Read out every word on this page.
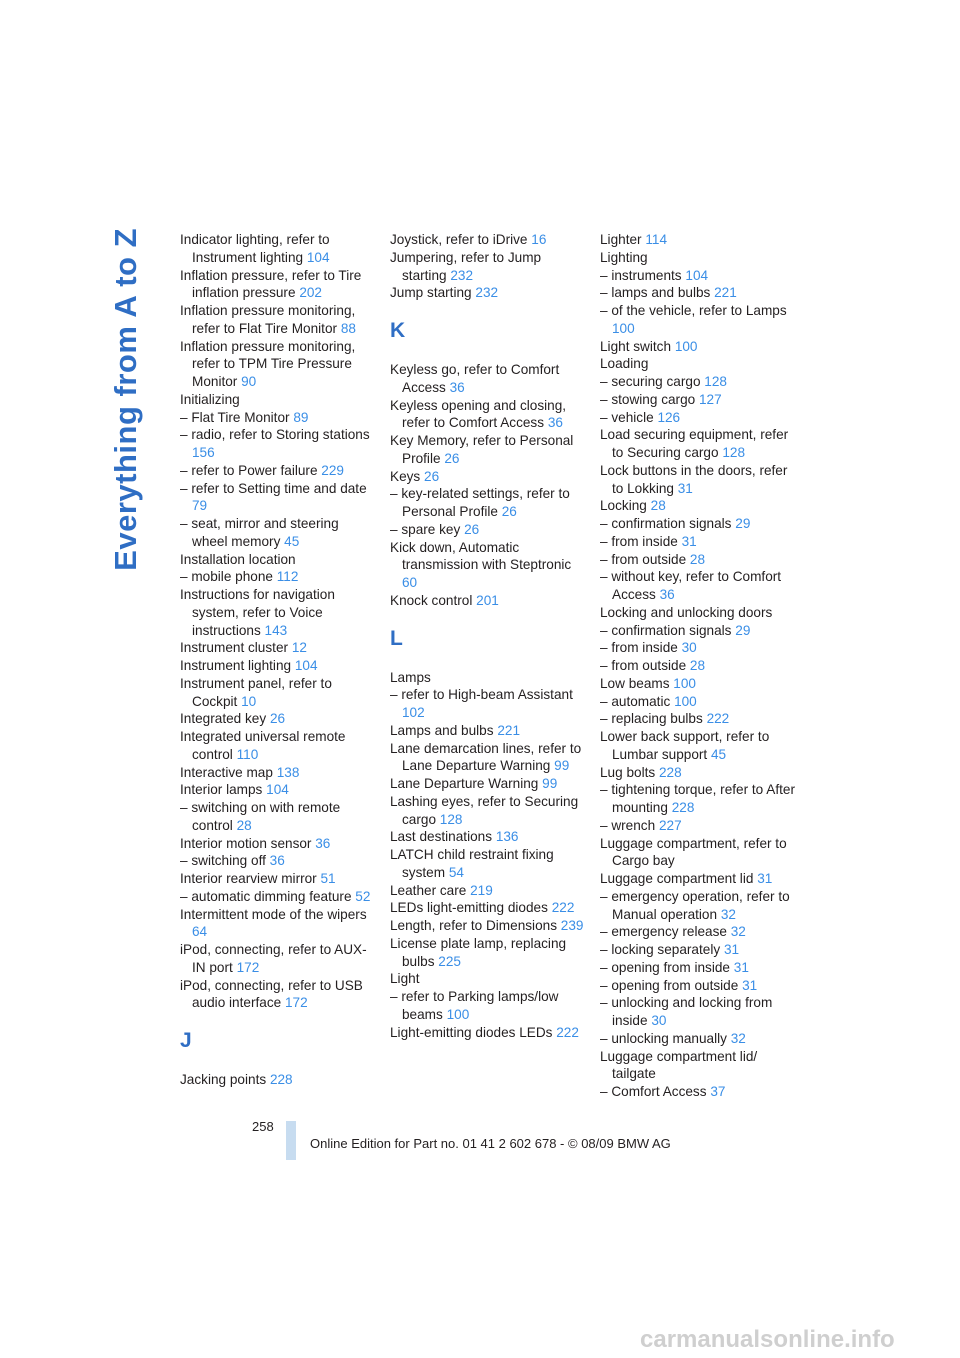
Everything from A to Z	Indicator lighting, refer to Instrument lighting 104
Inflation pressure, refer to Tire inflation pressure 202
Inflation pressure monitoring, refer to Flat Tire Monitor 88
Inflation pressure monitoring, refer to TPM Tire Pressure Monitor 90
Initializing
– Flat Tire Monitor 89
– radio, refer to Storing stations 156
– refer to Power failure 229
– refer to Setting time and date 79
– seat, mirror and steering wheel memory 45
Installation location
– mobile phone 112
Instructions for navigation system, refer to Voice instructions 143
Instrument cluster 12
Instrument lighting 104
Instrument panel, refer to Cockpit 10
Integrated key 26
Integrated universal remote control 110
Interactive map 138
Interior lamps 104
– switching on with remote control 28
Interior motion sensor 36
– switching off 36
Interior rearview mirror 51
– automatic dimming feature 52
Intermittent mode of the wipers 64
iPod, connecting, refer to AUX-IN port 172
iPod, connecting, refer to USB audio interface 172
J
Jacking points 228
Joystick, refer to iDrive 16
Jumpering, refer to Jump starting 232
Jump starting 232
K
Keyless go, refer to Comfort Access 36
Keyless opening and closing, refer to Comfort Access 36
Key Memory, refer to Personal Profile 26
Keys 26
– key-related settings, refer to Personal Profile 26
– spare key 26
Kick down, Automatic transmission with Steptronic 60
Knock control 201
L
Lamps
– refer to High-beam Assistant 102
Lamps and bulbs 221
Lane demarcation lines, refer to Lane Departure Warning 99
Lane Departure Warning 99
Lashing eyes, refer to Securing cargo 128
Last destinations 136
LATCH child restraint fixing system 54
Leather care 219
LEDs light-emitting diodes 222
Length, refer to Dimensions 239
License plate lamp, replacing bulbs 225
Light
– refer to Parking lamps/low beams 100
Light-emitting diodes LEDs 222
Lighter 114
Lighting
– instruments 104
– lamps and bulbs 221
– of the vehicle, refer to Lamps 100
Light switch 100
Loading
– securing cargo 128
– stowing cargo 127
– vehicle 126
Load securing equipment, refer to Securing cargo 128
Lock buttons in the doors, refer to Lokking 31
Locking 28
– confirmation signals 29
– from inside 31
– from outside 28
– without key, refer to Comfort Access 36
Locking and unlocking doors
– confirmation signals 29
– from inside 30
– from outside 28
Low beams 100
– automatic 100
– replacing bulbs 222
Lower back support, refer to Lumbar support 45
Lug bolts 228
– tightening torque, refer to After mounting 228
– wrench 227
Luggage compartment, refer to Cargo bay
Luggage compartment lid 31
– emergency operation, refer to Manual operation 32
– emergency release 32
– locking separately 31
– opening from inside 31
– opening from outside 31
– unlocking and locking from inside 30
– unlocking manually 32
Luggage compartment lid/ tailgate
– Comfort Access 37
258
Online Edition for Part no. 01 41 2 602 678 - © 08/09 BMW AG
carmanualsonline.info
